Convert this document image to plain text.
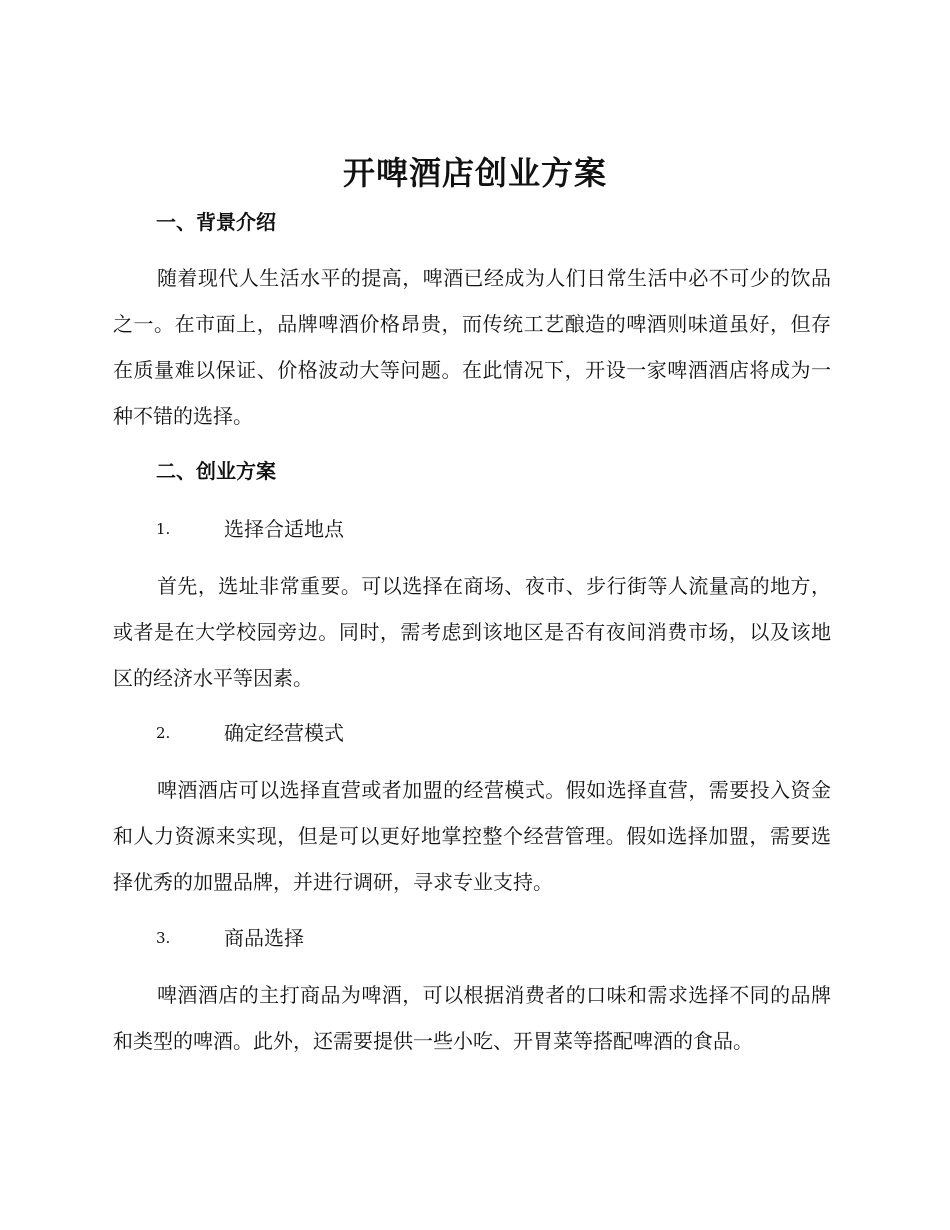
开啤酒店创业方案
一、背景介绍
随着现代人生活水平的提高，啤酒已经成为人们日常生活中必不可少的饮品之一。在市面上，品牌啤酒价格昂贵，而传统工艺酿造的啤酒则味道虽好，但存在质量难以保证、价格波动大等问题。在此情况下，开设一家啤酒酒店将成为一种不错的选择。
二、创业方案
1.	选择合适地点
首先，选址非常重要。可以选择在商场、夜市、步行街等人流量高的地方，或者是在大学校园旁边。同时，需考虑到该地区是否有夜间消费市场，以及该地区的经济水平等因素。
2.	确定经营模式
啤酒酒店可以选择直营或者加盟的经营模式。假如选择直营，需要投入资金和人力资源来实现，但是可以更好地掌控整个经营管理。假如选择加盟，需要选择优秀的加盟品牌，并进行调研，寻求专业支持。
3.	商品选择
啤酒酒店的主打商品为啤酒，可以根据消费者的口味和需求选择不同的品牌和类型的啤酒。此外，还需要提供一些小吃、开胃菜等搭配啤酒的食品。
